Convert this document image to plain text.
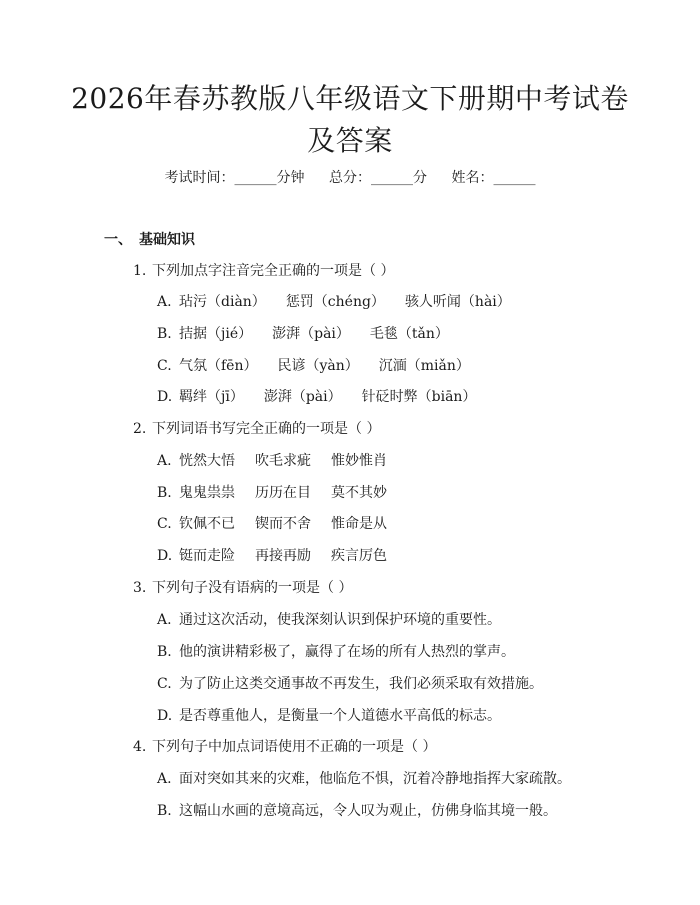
2026年春苏教版八年级语文下册期中考试卷及答案
考试时间：______分钟 总分：______分 姓名：______
一、 基础知识
1. 下列加点字注音完全正确的一项是（ ）
A. 玷污（diàn） 惩罚（chéng） 骇人听闻（hài）
B. 拮据（jié） 澎湃（pài） 毛毯（tǎn）
C. 气氛（fēn） 民谚（yàn） 沉湎（miǎn）
D. 羁绊（jī） 澎湃（pài） 针砭时弊（biān）
2. 下列词语书写完全正确的一项是（ ）
A. 恍然大悟 吹毛求疵 惟妙惟肖
B. 鬼鬼祟祟 历历在目 莫不其妙
C. 钦佩不已 锲而不舍 惟命是从
D. 铤而走险 再接再励 疾言厉色
3. 下列句子没有语病的一项是（ ）
A. 通过这次活动，使我深刻认识到保护环境的重要性。
B. 他的演讲精彩极了，赢得了在场的所有人热烈的掌声。
C. 为了防止这类交通事故不再发生，我们必须采取有效措施。
D. 是否尊重他人，是衡量一个人道德水平高低的标志。
4. 下列句子中加点词语使用不正确的一项是（ ）
A. 面对突如其来的灾难，他临危不惧，沉着冷静地指挥大家疏散。
B. 这幅山水画的意境高远，令人叹为观止，仿佛身临其境一般。
